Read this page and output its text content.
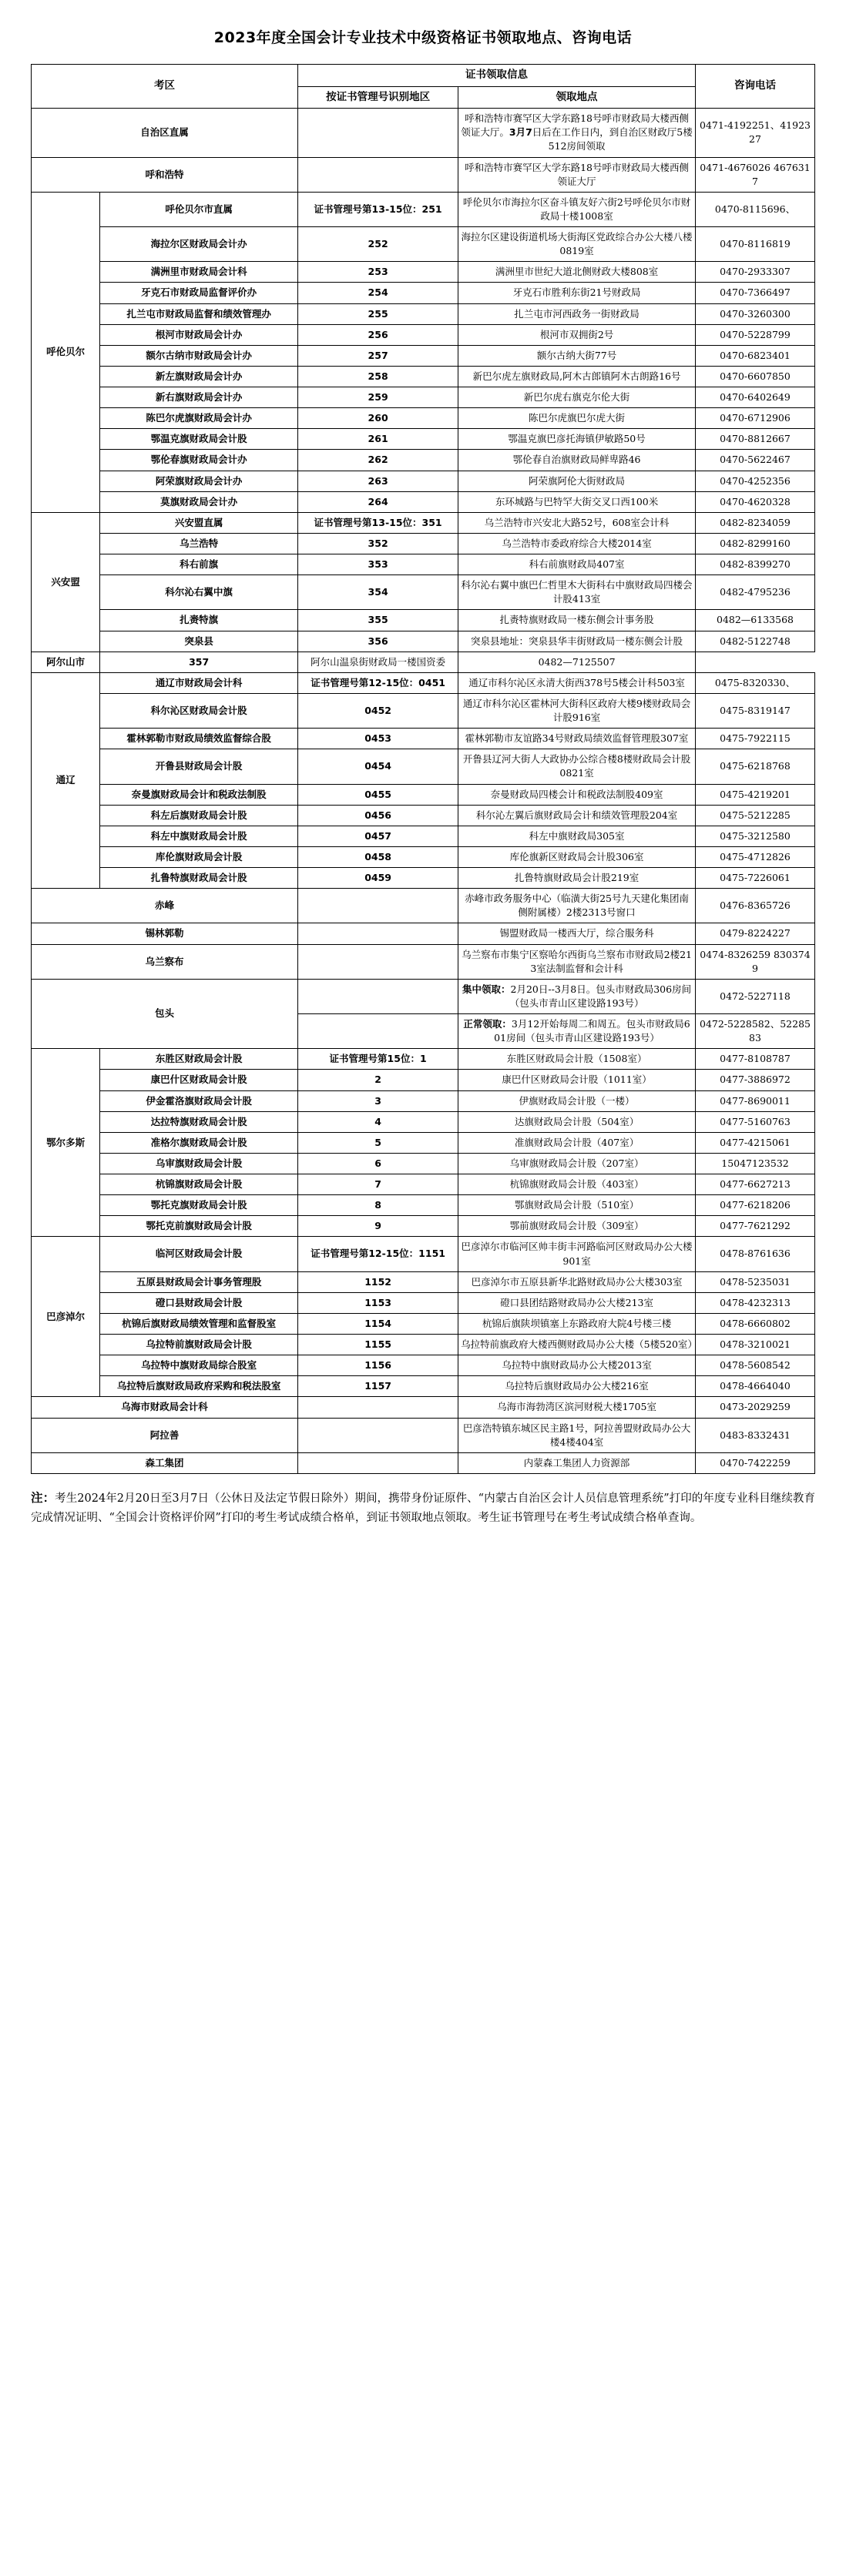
2023年度全国会计专业技术中级资格证书领取地点、咨询电话
考区		证书领取信息		咨询电话
		按证书管理号识别地区	领取地点	
自治区直属			呼和浩特市赛罕区大学东路18号呼市财政局大楼西侧领证大厅。3月7日后在工作日内，到自治区财政厅5楼512房间领取	0471-4192251、4192327
呼和浩特			呼和浩特市赛罕区大学东路18号呼市财政局大楼西侧领证大厅	0471-4676026 4676317
呼伦贝尔	呼伦贝尔市直属	证书管理号第13-15位：251	呼伦贝尔市海拉尔区奋斗镇友好六街2号呼伦贝尔市财政局十楼1008室	0470-8115696、
	海拉尔区财政局会计办	252	海拉尔区建设街道机场大街海区党政综合办公大楼八楼0819室	0470-8116819
	满洲里市财政局会计科	253	满洲里市世纪大道北侧财政大楼808室	0470-2933307
	牙克石市财政局监督评价办	254	牙克石市胜利东街21号财政局	0470-7366497
	扎兰屯市财政局监督和绩效管理办	255	扎兰屯市河西政务一街财政局	0470-3260300
	根河市财政局会计办	256	根河市双拥街2号	0470-5228799
	额尔古纳市财政局会计办	257	额尔古纳大街77号	0470-6823401
	新左旗财政局会计办	258	新巴尔虎左旗财政局,阿木古郎镇阿木古朗路16号	0470-6607850
	新右旗财政局会计办	259	新巴尔虎右旗克尔伦大街	0470-6402649
	陈巴尔虎旗财政局会计办	260	陈巴尔虎旗巴尔虎大街	0470-6712906
	鄂温克旗财政局会计股	261	鄂温克旗巴彦托海镇伊敏路50号	0470-8812667
	鄂伦春旗财政局会计办	262	鄂伦春自治旗财政局鲜卑路46	0470-5622467
	阿荣旗财政局会计办	263	阿荣旗阿伦大街财政局	0470-4252356
	莫旗财政局会计办	264	东环城路与巴特罕大街交叉口西100米	0470-4620328
兴安盟	兴安盟直属	证书管理号第13-15位：351	乌兰浩特市兴安北大路52号，608室会计科	0482-8234059
	乌兰浩特	352	乌兰浩特市委政府综合大楼2014室	0482-8299160
	科右前旗	353	科右前旗财政局407室	0482-8399270
	科尔沁右翼中旗	354	科尔沁右翼中旗巴仁哲里木大街科右中旗财政局四楼会计股413室	0482-4795236
	扎赉特旗	355	扎赉特旗财政局一楼东侧会计事务股	0482—6133568
	突泉县	356	突泉县地址：突泉县华丰街财政局一楼东侧会计股	0482-5122748
阿尔山市	357	阿尔山温泉街财政局一楼国资委	0482—7125507	
通辽	通辽市财政局会计科	证书管理号第12-15位：0451	通辽市科尔沁区永清大街西378号5楼会计科503室	0475-8320330、
	科尔沁区财政局会计股	0452	通辽市科尔沁区霍林河大街科区政府大楼9楼财政局会计股916室	0475-8319147
	霍林郭勒市财政局绩效监督综合股	0453	霍林郭勒市友谊路34号财政局绩效监督管理股307室	0475-7922115
	开鲁县财政局会计股	0454	开鲁县辽河大街人大政协办公综合楼8楼财政局会计股0821室	0475-6218768
	奈曼旗财政局会计和税政法制股	0455	奈曼财政局四楼会计和税政法制股409室	0475-4219201
	科左后旗财政局会计股	0456	科尔沁左翼后旗财政局会计和绩效管理股204室	0475-5212285
	科左中旗财政局会计股	0457	科左中旗财政局305室	0475-3212580
	库伦旗财政局会计股	0458	库伦旗新区财政局会计股306室	0475-4712826
	扎鲁特旗财政局会计股	0459	扎鲁特旗财政局会计股219室	0475-7226061
赤峰			赤峰市政务服务中心（临潢大街25号九天建化集团南侧附属楼）2楼2313号窗口	0476-8365726
锡林郭勒			锡盟财政局一楼西大厅，综合服务科	0479-8224227
乌兰察布			乌兰察布市集宁区察哈尔西街乌兰察布市财政局2楼213室法制监督和会计科	0474-8326259 8303749
包头			集中领取：2月20日--3月8日。包头市财政局306房间（包头市青山区建设路193号）	0472-5227118
			正常领取：3月12开始每周二和周五。包头市财政局601房间（包头市青山区建设路193号）	0472-5228582、5228583
鄂尔多斯	东胜区财政局会计股	证书管理号第15位：1	东胜区财政局会计股（1508室）	0477-8108787
	康巴什区财政局会计股	2	康巴什区财政局会计股（1011室）	0477-3886972
	伊金霍洛旗财政局会计股	3	伊旗财政局会计股（一楼）	0477-8690011
	达拉特旗财政局会计股	4	达旗财政局会计股（504室）	0477-5160763
	准格尔旗财政局会计股	5	准旗财政局会计股（407室）	0477-4215061
	乌审旗财政局会计股	6	乌审旗财政局会计股（207室）	15047123532
	杭锦旗财政局会计股	7	杭锦旗财政局会计股（403室）	0477-6627213
	鄂托克旗财政局会计股	8	鄂旗财政局会计股（510室）	0477-6218206
	鄂托克前旗财政局会计股	9	鄂前旗财政局会计股（309室）	0477-7621292
巴彦淖尔	临河区财政局会计股	证书管理号第12-15位：1151	巴彦淖尔市临河区帅丰街丰河路临河区财政局办公大楼901室	0478-8761636
	五原县财政局会计事务管理股	1152	巴彦淖尔市五原县新华北路财政局办公大楼303室	0478-5235031
	磴口县财政局会计股	1153	磴口县团结路财政局办公大楼213室	0478-4232313
	杭锦后旗财政局绩效管理和监督股室	1154	杭锦后旗陕坝镇塞上东路政府大院4号楼三楼	0478-6660802
	乌拉特前旗财政局会计股	1155	乌拉特前旗政府大楼西侧财政局办公大楼（5楼520室）	0478-3210021
	乌拉特中旗财政局综合股室	1156	乌拉特中旗财政局办公大楼2013室	0478-5608542
	乌拉特后旗财政局政府采购和税法股室	1157	乌拉特后旗财政局办公大楼216室	0478-4664040
乌海市财政局会计科			乌海市海勃湾区滨河财税大楼1705室	0473-2029259
阿拉善			巴彦浩特镇东城区民主路1号，阿拉善盟财政局办公大楼4楼404室	0483-8332431
森工集团			内蒙森工集团人力资源部	0470-7422259
注：考生2024年2月20日至3月7日（公休日及法定节假日除外）期间，携带身份证原件、“内蒙古自治区会计人员信息管理系统”打印的年度专业科目继续教育完成情况证明、“全国会计资格评价网”打印的考生考试成绩合格单，到证书领取地点领取。考生证书管理号在考生考试成绩合格单查询。
